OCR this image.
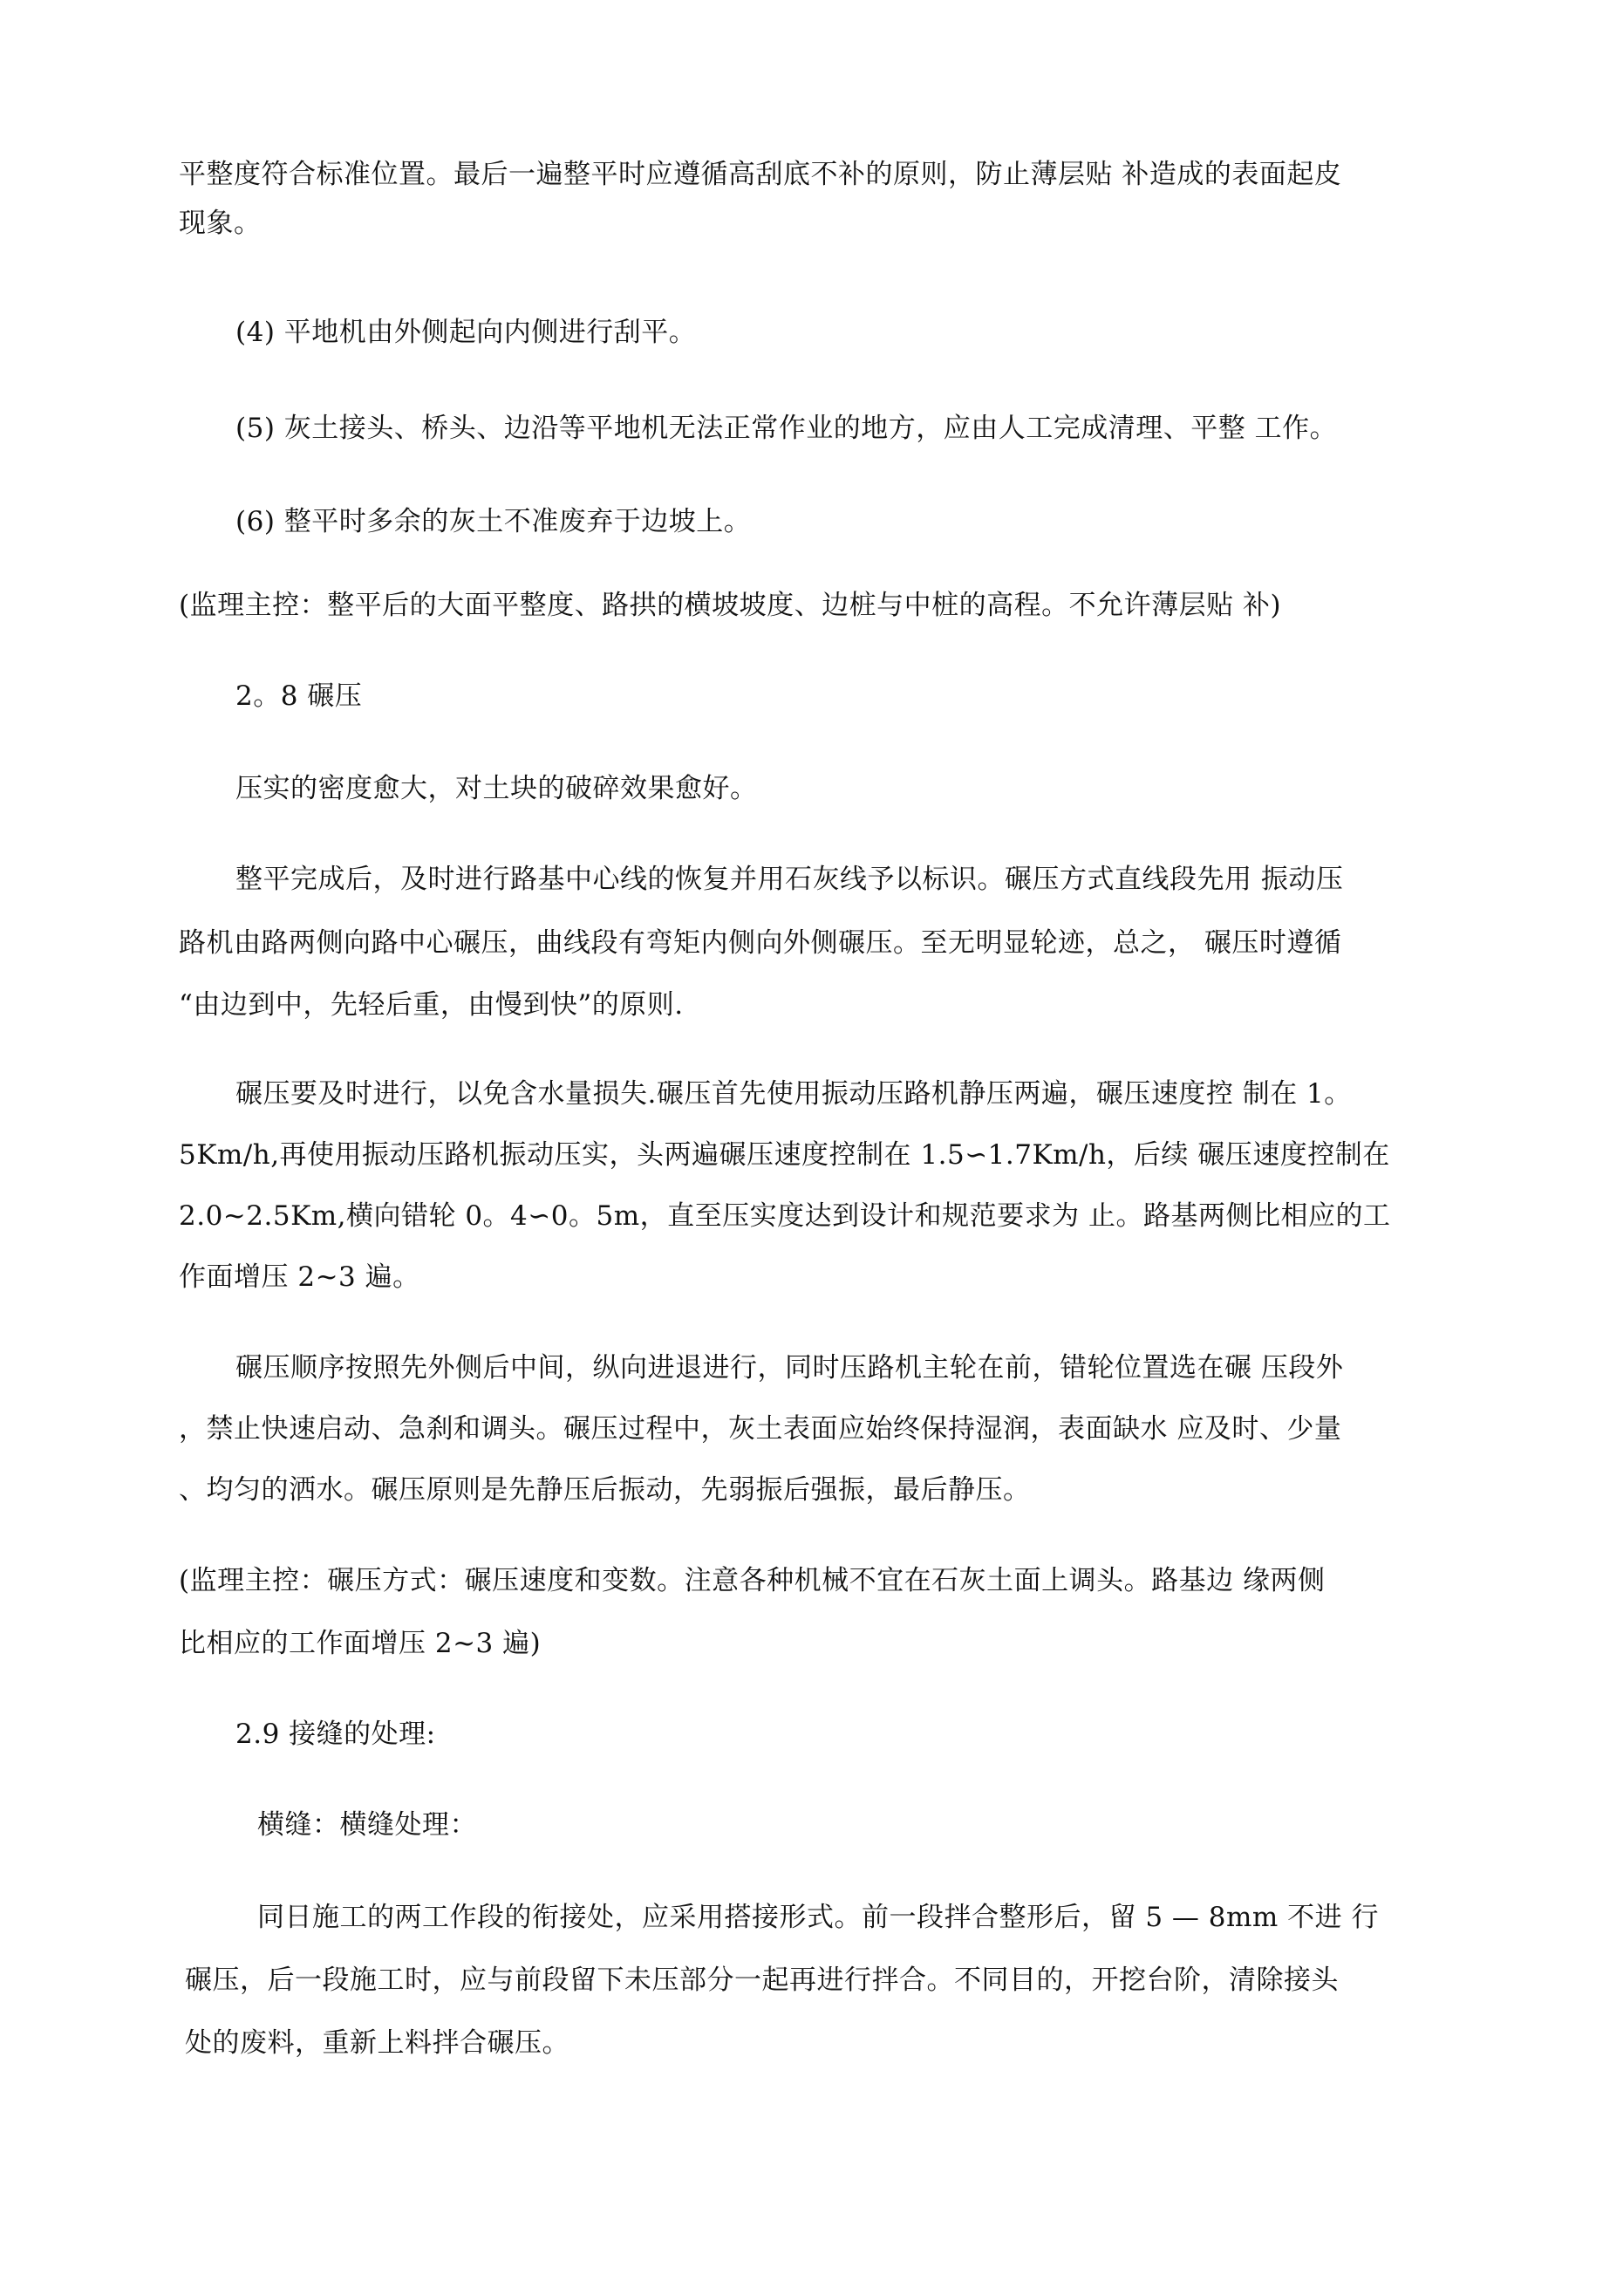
平整度符合标准位置。最后一遍整平时应遵循高刮底不补的原则，防止薄层贴 补造成的表面起皮
现象。
(4) 平地机由外侧起向内侧进行刮平。
(5) 灰土接头、桥头、边沿等平地机无法正常作业的地方，应由人工完成清理、平整 工作。
(6) 整平时多余的灰土不准废弃于边坡上。
(监理主控：整平后的大面平整度、路拱的横坡坡度、边桩与中桩的高程。不允许薄层贴 补)
2。8 碾压
压实的密度愈大，对土块的破碎效果愈好。
整平完成后，及时进行路基中心线的恢复并用石灰线予以标识。碾压方式直线段先用 振动压
路机由路两侧向路中心碾压，曲线段有弯矩内侧向外侧碾压。至无明显轮迹，总之， 碾压时遵循
“由边到中，先轻后重，由慢到快”的原则.
碾压要及时进行，以免含水量损失.碾压首先使用振动压路机静压两遍，碾压速度控 制在 1。
5Km/h,再使用振动压路机振动压实，头两遍碾压速度控制在 1.5∽1.7Km/h，后续 碾压速度控制在
2.0~2.5Km,横向错轮 0。4∽0。5m，直至压实度达到设计和规范要求为 止。路基两侧比相应的工
作面增压 2~3 遍。
碾压顺序按照先外侧后中间，纵向进退进行，同时压路机主轮在前，错轮位置选在碾 压段外
，禁止快速启动、急刹和调头。碾压过程中，灰土表面应始终保持湿润，表面缺水 应及时、少量
、均匀的洒水。碾压原则是先静压后振动，先弱振后强振，最后静压。
(监理主控：碾压方式：碾压速度和变数。注意各种机械不宜在石灰土面上调头。路基边 缘两侧
比相应的工作面增压 2~3 遍)
2.9 接缝的处理:
横缝：横缝处理：
同日施工的两工作段的衔接处，应采用搭接形式。前一段拌合整形后，留 5 — 8mm 不进 行
碾压，后一段施工时，应与前段留下未压部分一起再进行拌合。不同目的，开挖台阶，清除接头
处的废料，重新上料拌合碾压。
